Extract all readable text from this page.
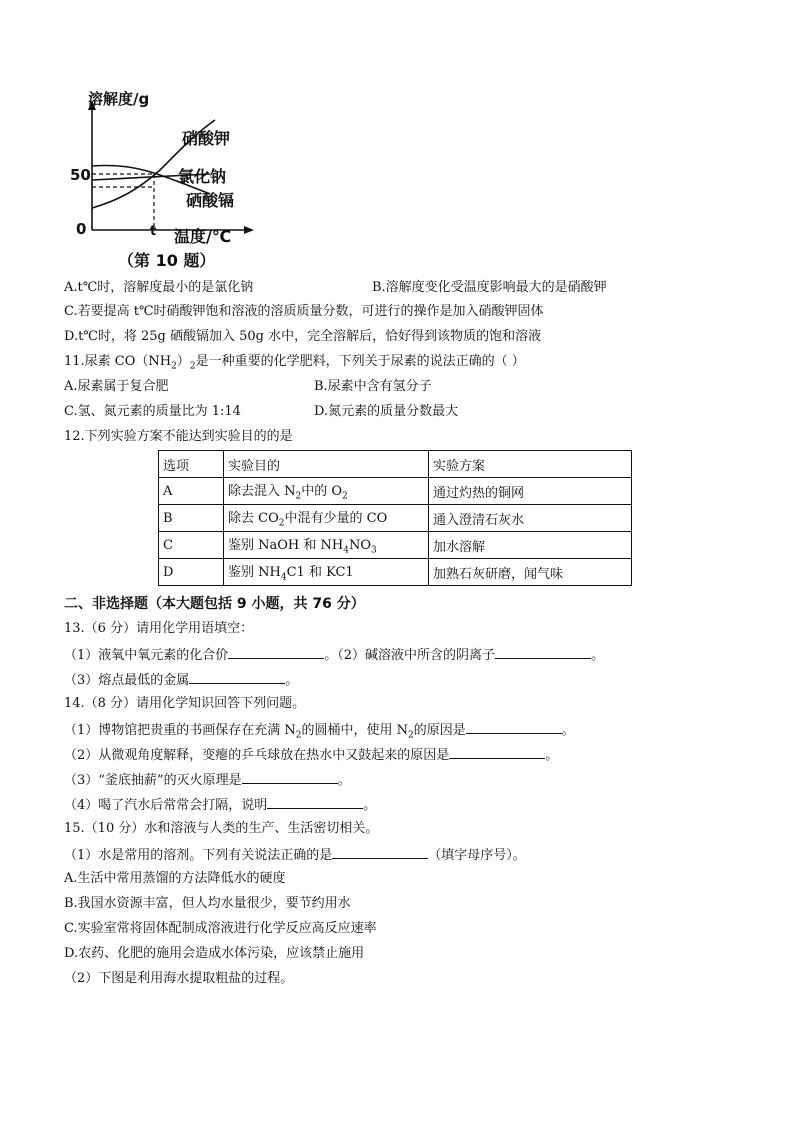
溶解度/g
50
0	t 温度/℃
硝酸钾
氯化钠
硒酸镉
（第 10 题）
A.t℃时，溶解度最小的是氯化钠	B.溶解度变化受温度影响最大的是硝酸钾
C.若要提高 t℃时硝酸钾饱和溶液的溶质质量分数，可进行的操作是加入硝酸钾固体
D.t℃时，将 25g 硒酸镉加入 50g 水中，完全溶解后，恰好得到该物质的饱和溶液
11.尿素 $CO(NH_2)_2$是一种重要的化学肥料，下列关于尿素的说法正确的（ ）
A.尿素属于复合肥	B.尿素中含有氢分子
C.氢、氮元素的质量比为 1:14	D.氮元素的质量分数最大
12.下列实验方案不能达到实验目的的是
选项	实验目的	实验方案
A	除去混入 $N_2$中的 $O_2$	通过灼热的铜网
B	除去 $CO_2$中混有少量的 CO	通入澄清石灰水
C	鉴别 NaOH 和 $NH_4NO_3$	加水溶解
D	鉴别 $NH_4C1$ 和 KC1	加熟石灰研磨，闻气味
二、非选择题（本大题包括 9 小题，共 76 分）
13.（6 分）请用化学用语填空：
（1）液氧中氧元素的化合价	。（2）碱溶液中所含的阴离子	。
（3）熔点最低的金属	。
14.（8 分）请用化学知识回答下列问题。
（1）博物馆把贵重的书画保存在充满 $N_2$的圆桶中，使用 $N_2$的原因是	。
（2）从微观角度解释，变瘪的乒乓球放在热水中又鼓起来的原因是	。
（3）“釜底抽薪”的灭火原理是	。
（4）喝了汽水后常常会打隔，说明	。
15.（10 分）水和溶液与人类的生产、生活密切相关。
（1）水是常用的溶剂。下列有关说法正确的是	（填字母序号）。
A.生活中常用蒸馏的方法降低水的硬度
B.我国水资源丰富，但人均水量很少，要节约用水
C.实验室常将固体配制成溶液进行化学反应高反应速率
D.农药、化肥的施用会造成水体污染，应该禁止施用
（2）下图是利用海水提取粗盐的过程。
